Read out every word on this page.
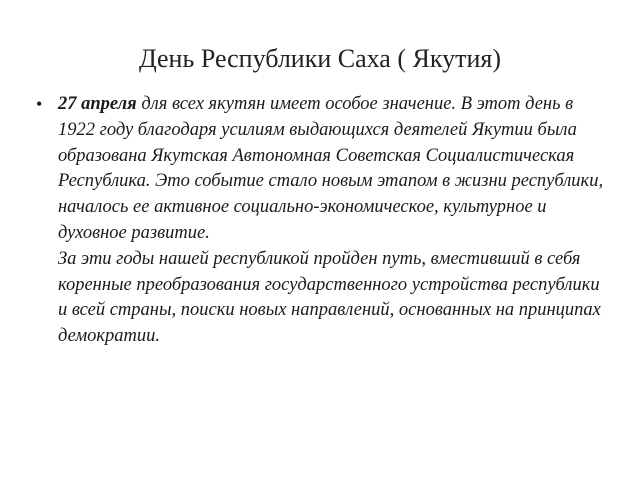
День Республики Саха ( Якутия)
• 27 апреля для всех якутян имеет особое значение. В этот день в 1922 году благодаря усилиям выдающихся деятелей Якутии была образована Якутская Автономная Советская Социалистическая Республика. Это событие стало новым этапом в жизни республики, началось ее активное социально-экономическое, культурное и духовное развитие.
За эти годы нашей республикой пройден путь, вместивший в себя коренные преобразования государственного устройства республики и всей страны, поиски новых направлений, основанных на принципах демократии.
